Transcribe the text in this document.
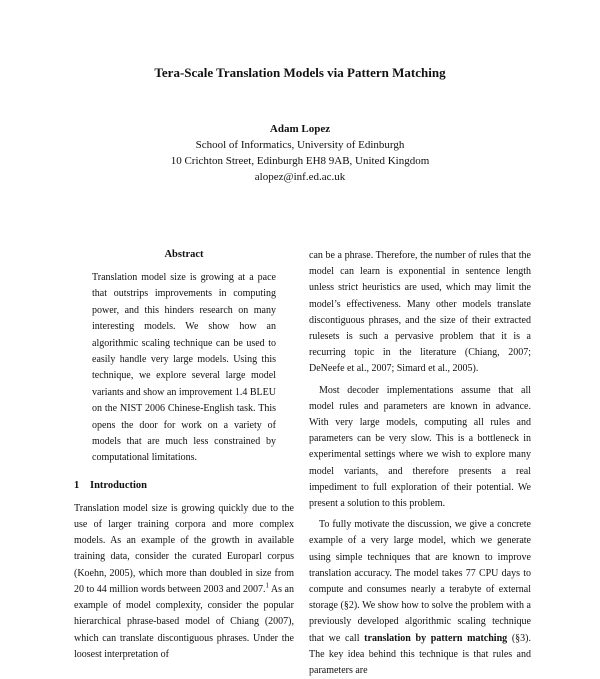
Tera-Scale Translation Models via Pattern Matching
Adam Lopez
School of Informatics, University of Edinburgh
10 Crichton Street, Edinburgh EH8 9AB, United Kingdom
alopez@inf.ed.ac.uk
Abstract

Translation model size is growing at a pace that outstrips improvements in computing power, and this hinders research on many interesting models. We show how an algorithmic scaling technique can be used to easily handle very large models. Using this technique, we explore several large model variants and show an improvement 1.4 BLEU on the NIST 2006 Chinese-English task. This opens the door for work on a variety of models that are much less constrained by computational limitations.

1 Introduction

Translation model size is growing quickly due to the use of larger training corpora and more complex models. As an example of the growth in available training data, consider the curated Europarl corpus (Koehn, 2005), which more than doubled in size from 20 to 44 million words between 2003 and 2007.$^1$ As an example of model complexity, consider the popular hierarchical phrase-based model of Chiang (2007), which can translate discontiguous phrases. Under the loosest interpretation of

can be a phrase. Therefore, the number of rules that the model can learn is exponential in sentence length unless strict heuristics are used, which may limit the model’s effectiveness. Many other models translate discontiguous phrases, and the size of their extracted rulesets is such a pervasive problem that it is a recurring topic in the literature (Chiang, 2007; DeNeefe et al., 2007; Simard et al., 2005).

Most decoder implementations assume that all model rules and parameters are known in advance. With very large models, computing all rules and parameters can be very slow. This is a bottleneck in experimental settings where we wish to explore many model variants, and therefore presents a real impediment to full exploration of their potential. We present a solution to this problem.

To fully motivate the discussion, we give a concrete example of a very large model, which we generate using simple techniques that are known to improve translation accuracy. The model takes 77 CPU days to compute and consumes nearly a terabyte of external storage (§2). We show how to solve the problem with a previously developed algorithmic scaling technique that we call translation by pattern matching (§3). The key idea behind this technique is that rules and parameters are
